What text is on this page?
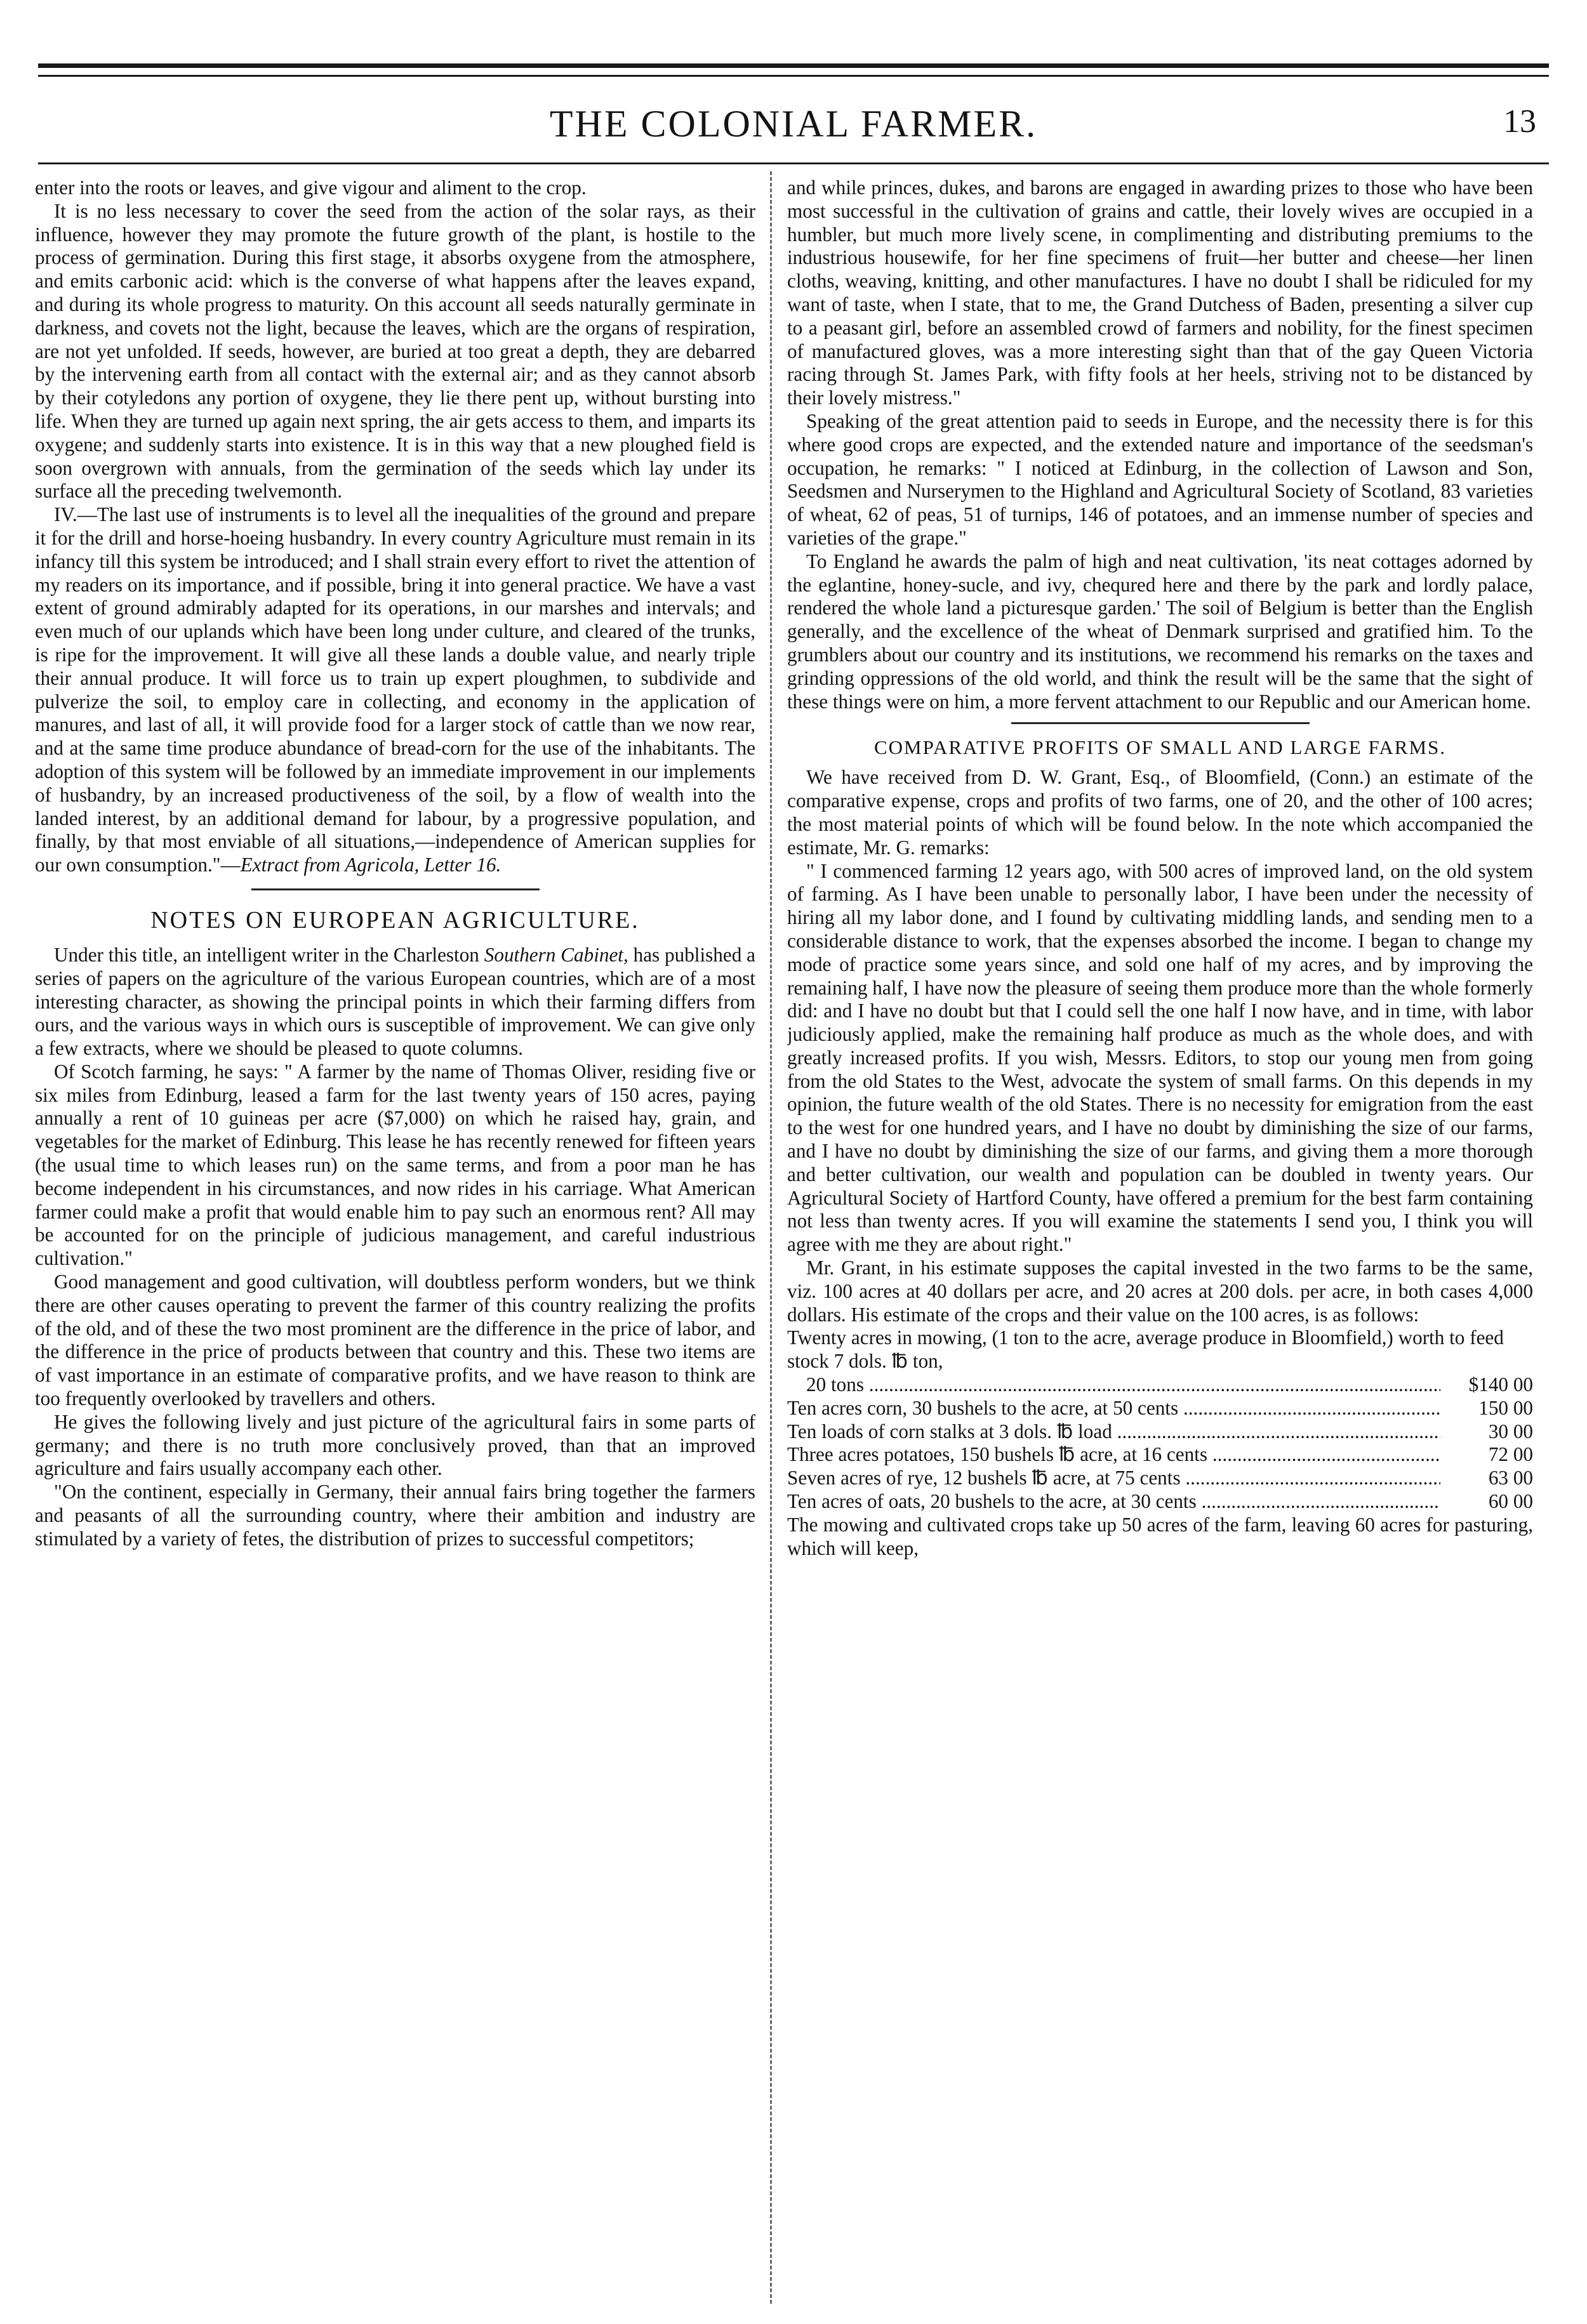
THE COLONIAL FARMER.	13

enter into the roots or leaves, and give vigour and aliment to the crop.

It is no less necessary to cover the seed from the action of the solar rays, as their influence, however they may promote the future growth of the plant, is hostile to the process of germination. During this first stage, it absorbs oxygene from the atmosphere, and emits carbonic acid: which is the converse of what happens after the leaves expand, and during its whole progress to maturity. On this account all seeds naturally germinate in darkness, and covets not the light, because the leaves, which are the organs of respiration, are not yet unfolded. If seeds, however, are buried at too great a depth, they are debarred by the intervening earth from all contact with the external air; and as they cannot absorb by their cotyledons any portion of oxygene, they lie there pent up, without bursting into life. When they are turned up again next spring, the air gets access to them, and imparts its oxygene; and suddenly starts into existence. It is in this way that a new ploughed field is soon overgrown with annuals, from the germination of the seeds which lay under its surface all the preceding twelvemonth.

IV.—The last use of instruments is to level all the inequalities of the ground and prepare it for the drill and horse-hoeing husbandry. In every country Agriculture must remain in its infancy till this system be introduced; and I shall strain every effort to rivet the attention of my readers on its importance, and if possible, bring it into general practice. We have a vast extent of ground admirably adapted for its operations, in our marshes and intervals; and even much of our uplands which have been long under culture, and cleared of the trunks, is ripe for the improvement. It will give all these lands a double value, and nearly triple their annual produce. It will force us to train up expert ploughmen, to subdivide and pulverize the soil, to employ care in collecting, and economy in the application of manures, and last of all, it will provide food for a larger stock of cattle than we now rear, and at the same time produce abundance of bread-corn for the use of the inhabitants. The adoption of this system will be followed by an immediate improvement in our implements of husbandry, by an increased productiveness of the soil, by a flow of wealth into the landed interest, by an additional demand for labour, by a progressive population, and finally, by that most enviable of all situations,—independence of American supplies for our own consumption."—Extract from Agricola, Letter 16.

NOTES ON EUROPEAN AGRICULTURE.

Under this title, an intelligent writer in the Charleston Southern Cabinet, has published a series of papers on the agriculture of the various European countries, which are of a most interesting character, as showing the principal points in which their farming differs from ours, and the various ways in which ours is susceptible of improvement. We can give only a few extracts, where we should be pleased to quote columns.

Of Scotch farming, he says: " A farmer by the name of Thomas Oliver, residing five or six miles from Edinburg, leased a farm for the last twenty years of 150 acres, paying annually a rent of 10 guineas per acre ($7,000) on which he raised hay, grain, and vegetables for the market of Edinburg. This lease he has recently renewed for fifteen years (the usual time to which leases run) on the same terms, and from a poor man he has become independent in his circumstances, and now rides in his carriage. What American farmer could make a profit that would enable him to pay such an enormous rent? All may be accounted for on the principle of judicious management, and careful industrious cultivation."

Good management and good cultivation, will doubtless perform wonders, but we think there are other causes operating to prevent the farmer of this country realizing the profits of the old, and of these the two most prominent are the difference in the price of labor, and the difference in the price of products between that country and this. These two items are of vast importance in an estimate of comparative profits, and we have reason to think are too frequently overlooked by travellers and others.

He gives the following lively and just picture of the agricultural fairs in some parts of germany; and there is no truth more conclusively proved, than that an improved agriculture and fairs usually accompany each other.

"On the continent, especially in Germany, their annual fairs bring together the farmers and peasants of all the surrounding country, where their ambition and industry are stimulated by a variety of fetes, the distribution of prizes to successful competitors;

and while princes, dukes, and barons are engaged in awarding prizes to those who have been most successful in the cultivation of grains and cattle, their lovely wives are occupied in a humbler, but much more lively scene, in complimenting and distributing premiums to the industrious housewife, for her fine specimens of fruit—her butter and cheese—her linen cloths, weaving, knitting, and other manufactures. I have no doubt I shall be ridiculed for my want of taste, when I state, that to me, the Grand Dutchess of Baden, presenting a silver cup to a peasant girl, before an assembled crowd of farmers and nobility, for the finest specimen of manufactured gloves, was a more interesting sight than that of the gay Queen Victoria racing through St. James Park, with fifty fools at her heels, striving not to be distanced by their lovely mistress."

Speaking of the great attention paid to seeds in Europe, and the necessity there is for this where good crops are expected, and the extended nature and importance of the seedsman's occupation, he remarks: " I noticed at Edinburg, in the collection of Lawson and Son, Seedsmen and Nurserymen to the Highland and Agricultural Society of Scotland, 83 varieties of wheat, 62 of peas, 51 of turnips, 146 of potatoes, and an immense number of species and varieties of the grape."

To England he awards the palm of high and neat cultivation, 'its neat cottages adorned by the eglantine, honey-sucle, and ivy, chequred here and there by the park and lordly palace, rendered the whole land a picturesque garden.' The soil of Belgium is better than the English generally, and the excellence of the wheat of Denmark surprised and gratified him. To the grumblers about our country and its institutions, we recommend his remarks on the taxes and grinding oppressions of the old world, and think the result will be the same that the sight of these things were on him, a more fervent attachment to our Republic and our American home.

COMPARATIVE PROFITS OF SMALL AND LARGE FARMS.

We have received from D. W. Grant, Esq., of Bloomfield, (Conn.) an estimate of the comparative expense, crops and profits of two farms, one of 20, and the other of 100 acres; the most material points of which will be found below. In the note which accompanied the estimate, Mr. G. remarks:

" I commenced farming 12 years ago, with 500 acres of improved land, on the old system of farming. As I have been unable to personally labor, I have been under the necessity of hiring all my labor done, and I found by cultivating middling lands, and sending men to a considerable distance to work, that the expenses absorbed the income. I began to change my mode of practice some years since, and sold one half of my acres, and by improving the remaining half, I have now the pleasure of seeing them produce more than the whole formerly did: and I have no doubt but that I could sell the one half I now have, and in time, with labor judiciously applied, make the remaining half produce as much as the whole does, and with greatly increased profits. If you wish, Messrs. Editors, to stop our young men from going from the old States to the West, advocate the system of small farms. On this depends in my opinion, the future wealth of the old States. There is no necessity for emigration from the east to the west for one hundred years, and I have no doubt by diminishing the size of our farms, and I have no doubt by diminishing the size of our farms, and giving them a more thorough and better cultivation, our wealth and population can be doubled in twenty years. Our Agricultural Society of Hartford County, have offered a premium for the best farm containing not less than twenty acres. If you will examine the statements I send you, I think you will agree with me they are about right."

Mr. Grant, in his estimate supposes the capital invested in the two farms to be the same, viz. 100 acres at 40 dollars per acre, and 20 acres at 200 dols. per acre, in both cases 4,000 dollars. His estimate of the crops and their value on the 100 acres, is as follows:

Twenty acres in mowing, (1 ton to the acre, average produce in Bloomfield,) worth to feed stock 7 dols. ℔ ton,
20 tons .....	$140 00
Ten acres corn, 30 bushels to the acre, at 50 cents .....	150 00
Ten loads of corn stalks at 3 dols. ℔ load .....	30 00
Three acres potatoes, 150 bushels ℔ acre, at 16 cents .....	72 00
Seven acres of rye, 12 bushels ℔ acre, at 75 cents .....	63 00
Ten acres of oats, 20 bushels to the acre, at 30 cents .....	60 00

The mowing and cultivated crops take up 50 acres of the farm, leaving 60 acres for pasturing, which will keep,
